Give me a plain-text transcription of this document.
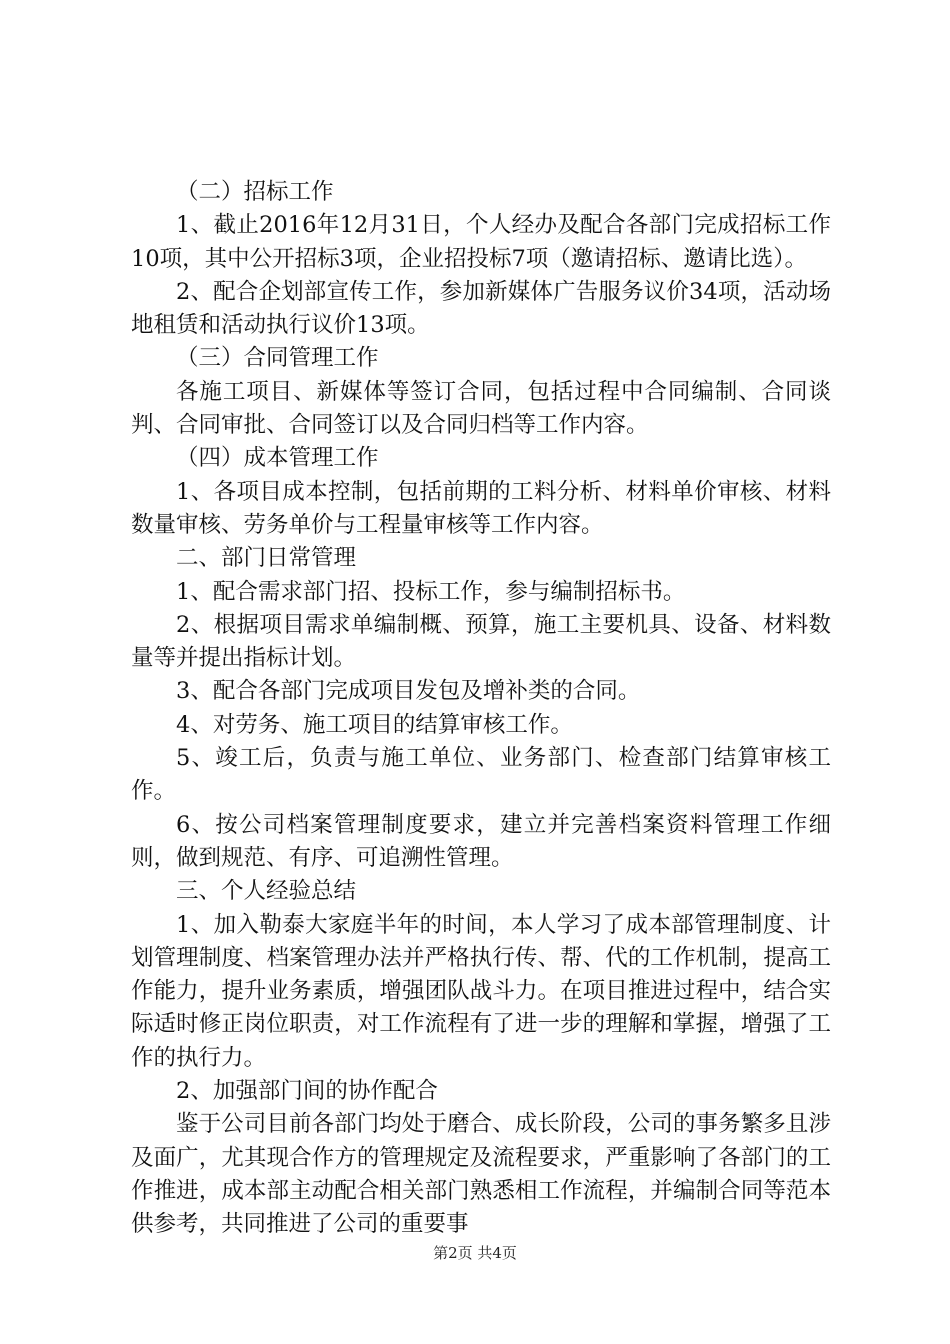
（二）招标工作

1、截止2016年12月31日，个人经办及配合各部门完成招标工作10项，其中公开招标3项，企业招投标7项（邀请招标、邀请比选）。

2、配合企划部宣传工作，参加新媒体广告服务议价34项，活动场地租赁和活动执行议价13项。

（三）合同管理工作

各施工项目、新媒体等签订合同，包括过程中合同编制、合同谈判、合同审批、合同签订以及合同归档等工作内容。

（四）成本管理工作

1、各项目成本控制，包括前期的工料分析、材料单价审核、材料数量审核、劳务单价与工程量审核等工作内容。

二、部门日常管理

1、配合需求部门招、投标工作，参与编制招标书。

2、根据项目需求单编制概、预算，施工主要机具、设备、材料数量等并提出指标计划。

3、配合各部门完成项目发包及增补类的合同。

4、对劳务、施工项目的结算审核工作。

5、竣工后，负责与施工单位、业务部门、检查部门结算审核工作。

6、按公司档案管理制度要求，建立并完善档案资料管理工作细则，做到规范、有序、可追溯性管理。

三、个人经验总结

1、加入勒泰大家庭半年的时间，本人学习了成本部管理制度、计划管理制度、档案管理办法并严格执行传、帮、代的工作机制，提高工作能力，提升业务素质，增强团队战斗力。在项目推进过程中，结合实际适时修正岗位职责，对工作流程有了进一步的理解和掌握，增强了工作的执行力。

2、加强部门间的协作配合

鉴于公司目前各部门均处于磨合、成长阶段，公司的事务繁多且涉及面广，尤其现合作方的管理规定及流程要求，严重影响了各部门的工作推进，成本部主动配合相关部门熟悉相工作流程，并编制合同等范本供参考，共同推进了公司的重要事

第2页 共4页
